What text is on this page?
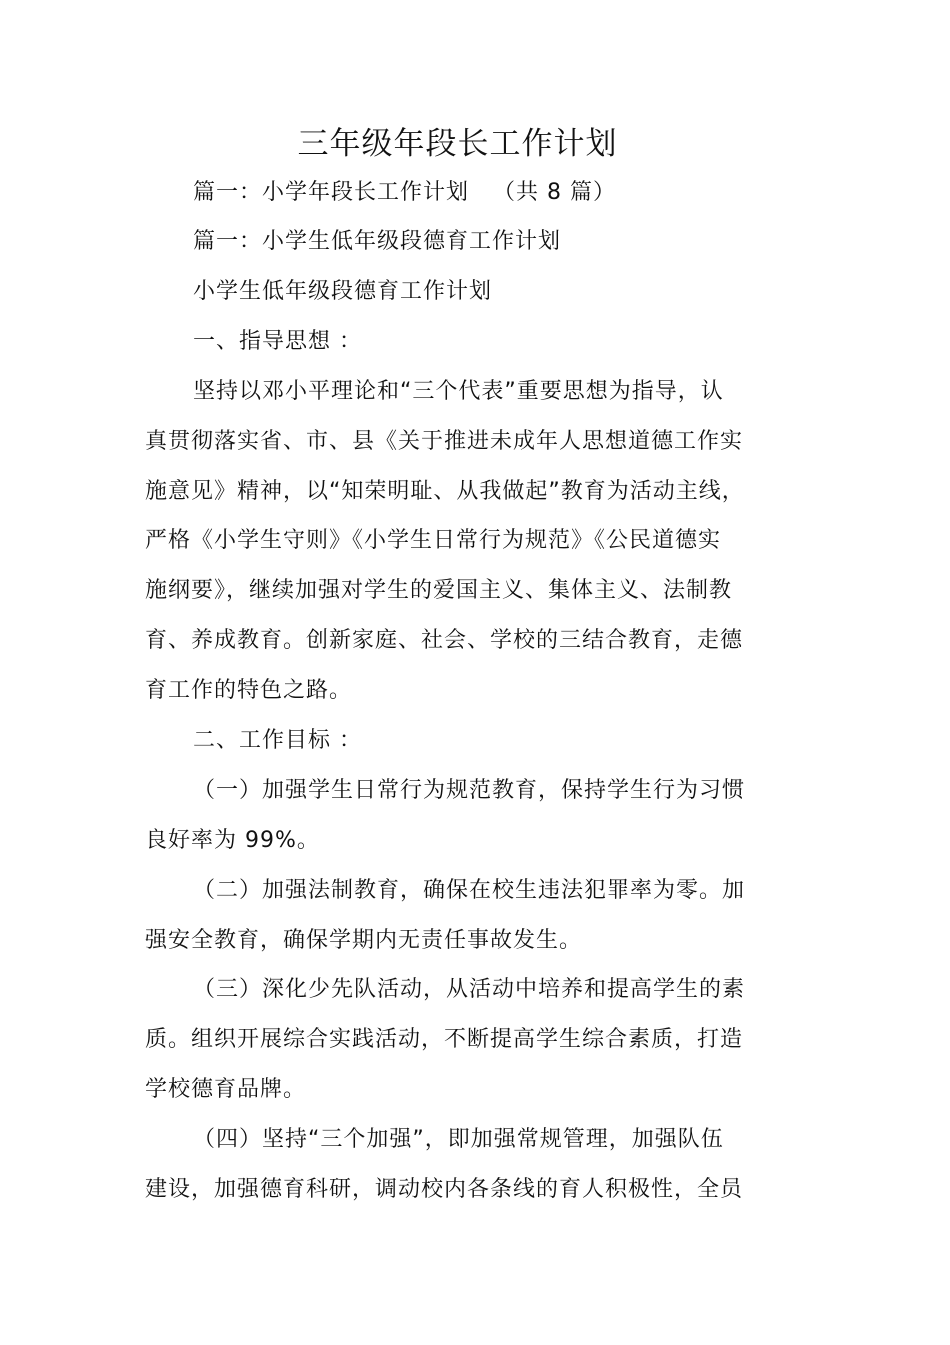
三年级年段长工作计划
篇一：小学年段长工作计划 （共 8 篇）
篇一：小学生低年级段德育工作计划
小学生低年级段德育工作计划
一、指导思想 ：
坚持以邓小平理论和“三个代表”重要思想为指导，认
真贯彻落实省、市、县《关于推进未成年人思想道德工作实
施意见》精神，以“知荣明耻、从我做起”教育为活动主线，
严格《小学生守则》《小学生日常行为规范》《公民道德实
施纲要》，继续加强对学生的爱国主义、集体主义、法制教
育、养成教育。创新家庭、社会、学校的三结合教育，走德
育工作的特色之路。
二、工作目标 ：
（一）加强学生日常行为规范教育，保持学生行为习惯
良好率为 99%。
（二）加强法制教育，确保在校生违法犯罪率为零。加
强安全教育，确保学期内无责任事故发生。
（三）深化少先队活动，从活动中培养和提高学生的素
质。组织开展综合实践活动，不断提高学生综合素质，打造
学校德育品牌。
（四）坚持“三个加强”，即加强常规管理，加强队伍
建设，加强德育科研，调动校内各条线的育人积极性，全员
